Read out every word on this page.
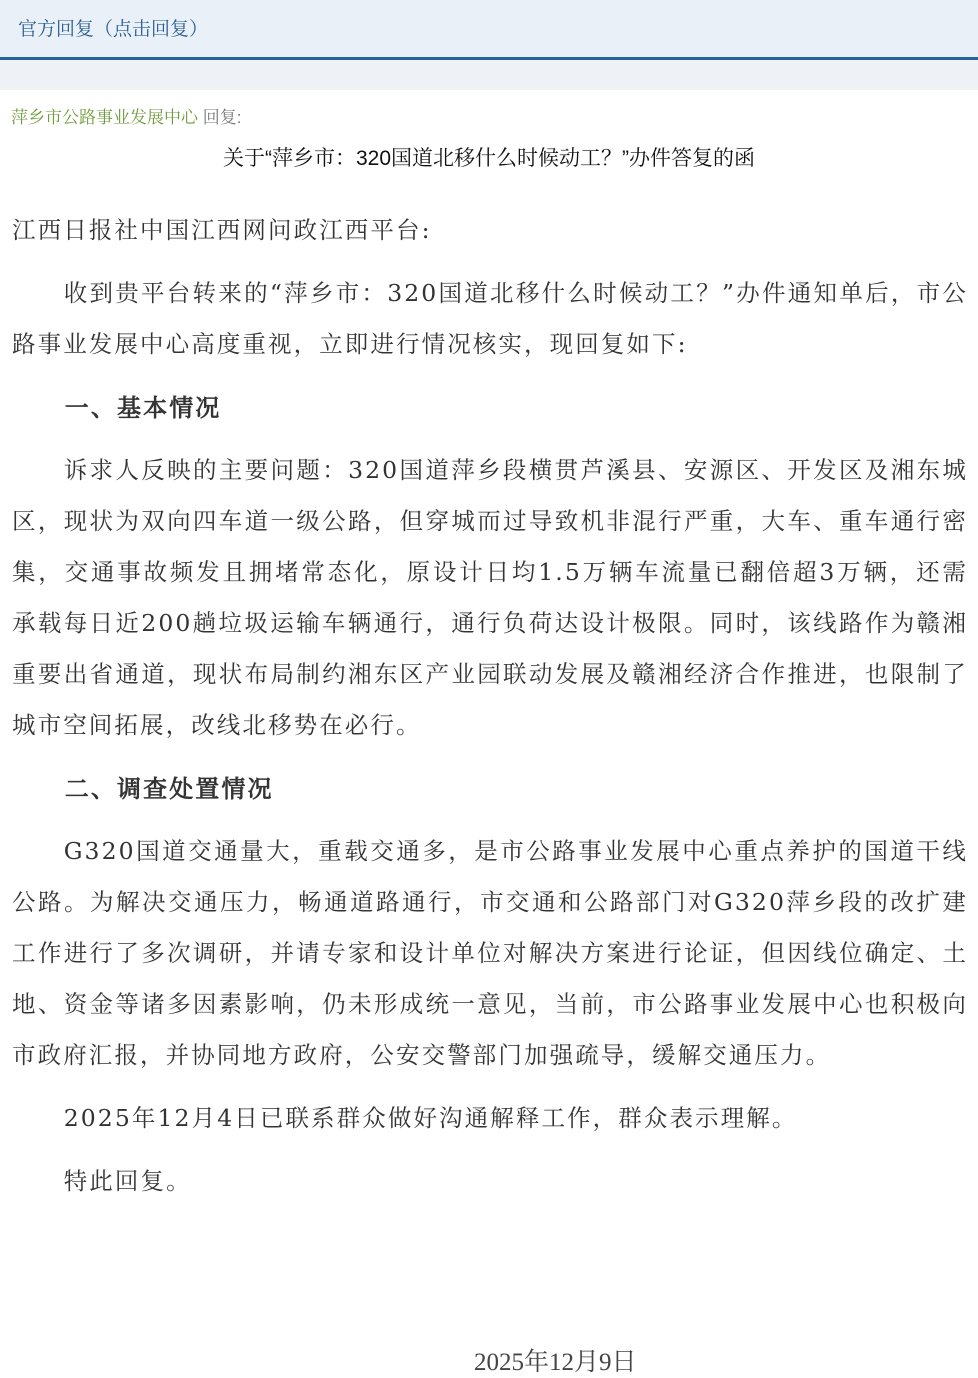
官方回复（点击回复）
萍乡市公路事业发展中心 回复:
关于“萍乡市：320国道北移什么时候动工？”办件答复的函

江西日报社中国江西网问政江西平台:

收到贵平台转来的“萍乡市：320国道北移什么时候动工？”办件通知单后，市公路事业发展中心高度重视，立即进行情况核实，现回复如下:

一、基本情况

诉求人反映的主要问题：320国道萍乡段横贯芦溪县、安源区、开发区及湘东城区，现状为双向四车道一级公路，但穿城而过导致机非混行严重，大车、重车通行密集，交通事故频发且拥堵常态化，原设计日均1.5万辆车流量已翻倍超3万辆，还需承载每日近200趟垃圾运输车辆通行，通行负荷达设计极限。同时，该线路作为赣湘重要出省通道，现状布局制约湘东区产业园联动发展及赣湘经济合作推进，也限制了城市空间拓展，改线北移势在必行。

二、调查处置情况

G320国道交通量大，重载交通多，是市公路事业发展中心重点养护的国道干线公路。为解决交通压力，畅通道路通行，市交通和公路部门对G320萍乡段的改扩建工作进行了多次调研，并请专家和设计单位对解决方案进行论证，但因线位确定、土地、资金等诸多因素影响，仍未形成统一意见，当前，市公路事业发展中心也积极向市政府汇报，并协同地方政府，公安交警部门加强疏导，缓解交通压力。

2025年12月4日已联系群众做好沟通解释工作，群众表示理解。

特此回复。

2025年12月9日
